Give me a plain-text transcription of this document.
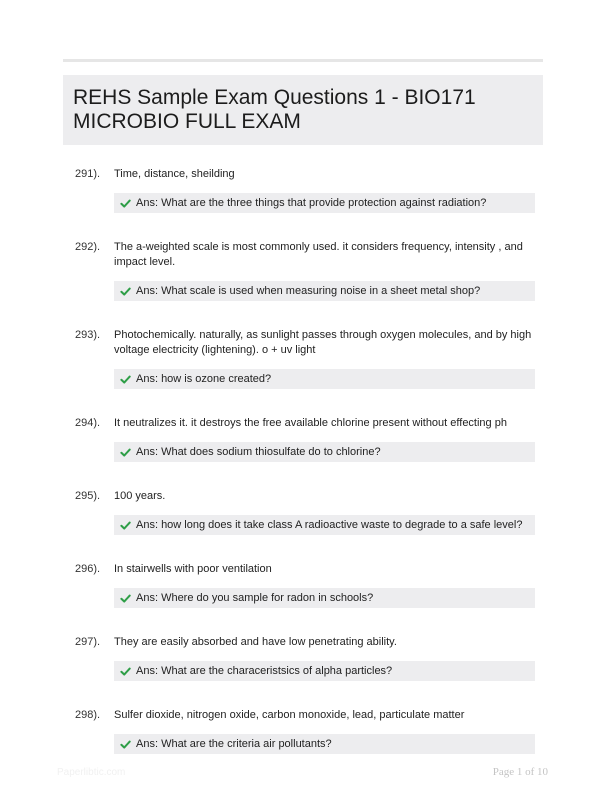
REHS Sample Exam Questions 1 - BIO171 MICROBIO FULL EXAM
291). Time, distance, sheilding
Ans: What are the three things that provide protection against radiation?
292). The a-weighted scale is most commonly used. it considers frequency, intensity , and impact level.
Ans: What scale is used when measuring noise in a sheet metal shop?
293). Photochemically. naturally, as sunlight passes through oxygen molecules, and by high voltage electricity (lightening). o + uv light
Ans: how is ozone created?
294). It neutralizes it. it destroys the free available chlorine present without effecting ph
Ans: What does sodium thiosulfate do to chlorine?
295). 100 years.
Ans: how long does it take class A radioactive waste to degrade to a safe level?
296). In stairwells with poor ventilation
Ans: Where do you sample for radon in schools?
297). They are easily absorbed and have low penetrating ability.
Ans: What are the characeristsics of alpha particles?
298). Sulfer dioxide, nitrogen oxide, carbon monoxide, lead, particulate matter
Ans: What are the criteria air pollutants?
Paperlibtic.com	Page 1 of 10
